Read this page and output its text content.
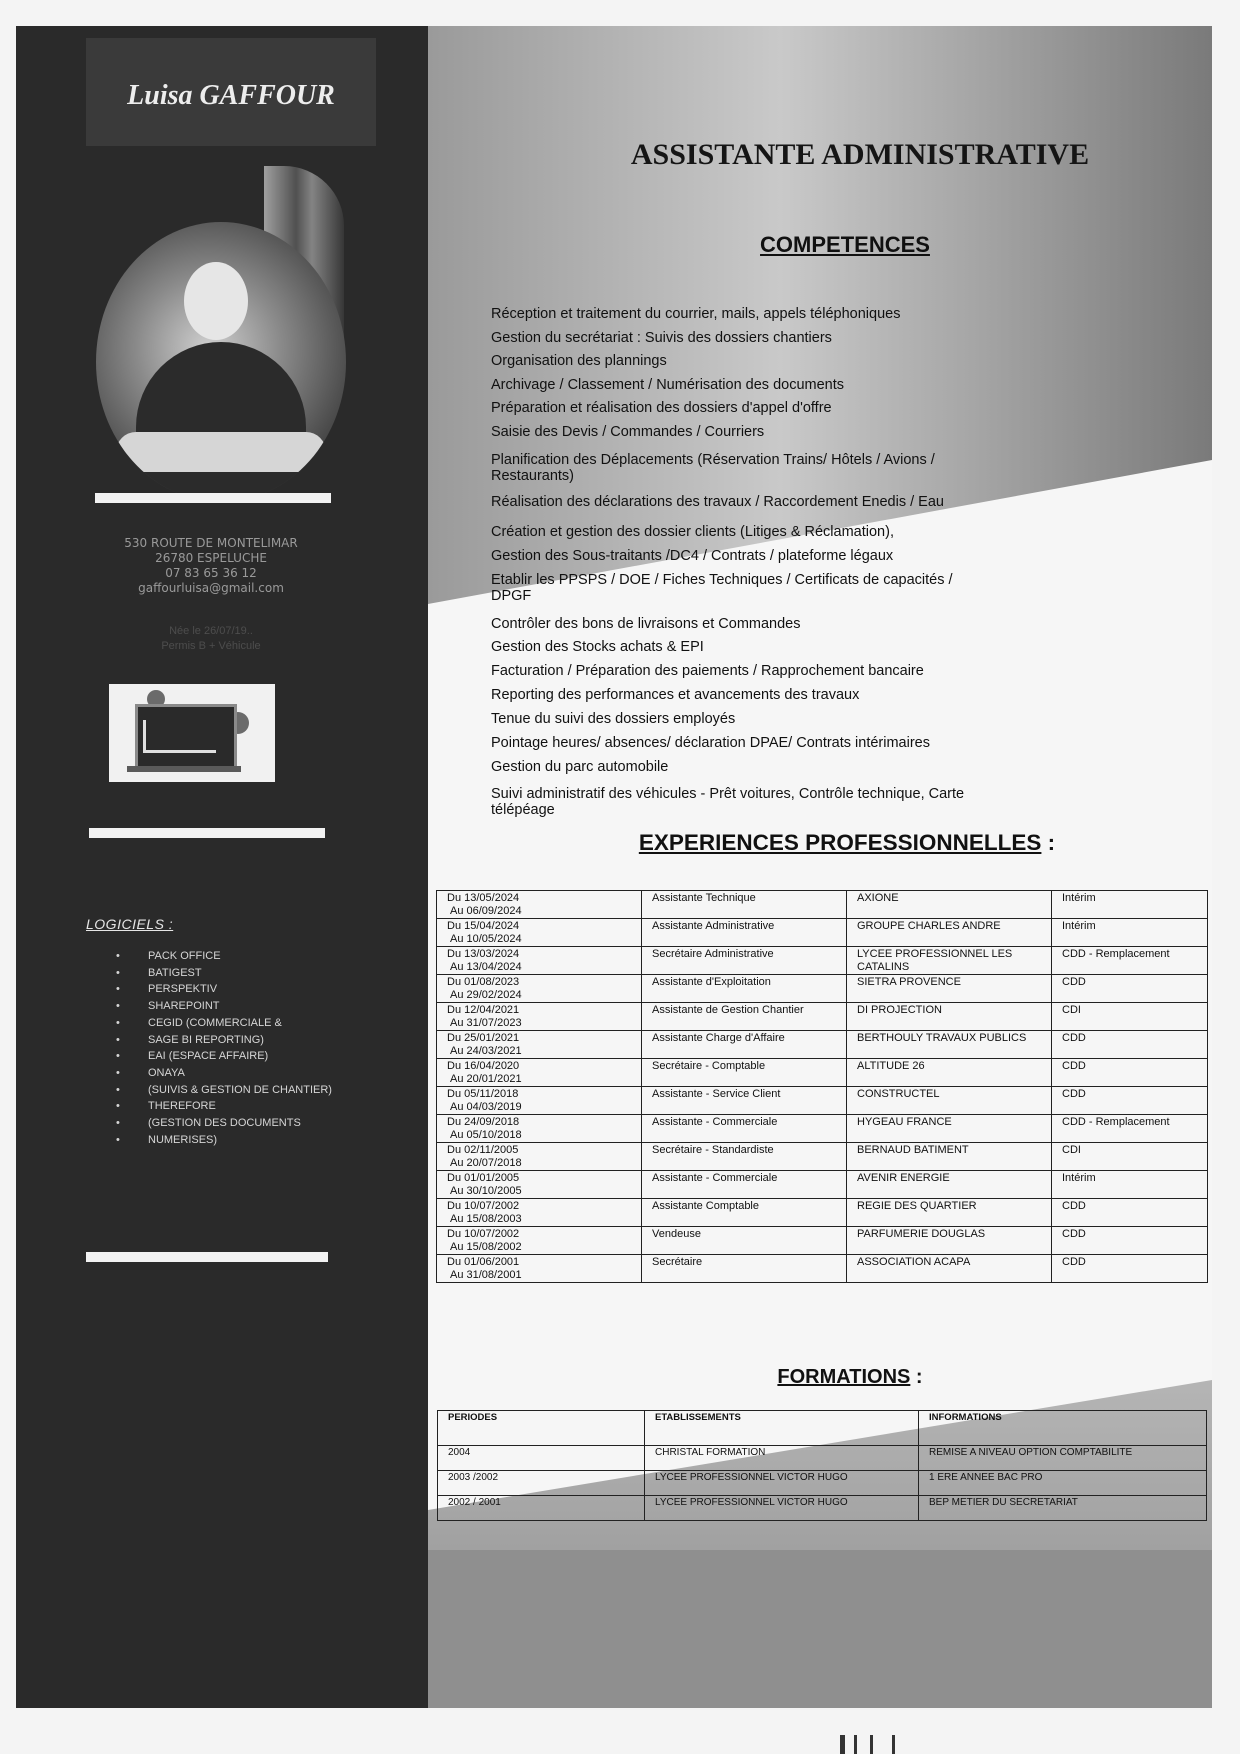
Luisa GAFFOUR
530 ROUTE DE MONTELIMAR
26780 ESPELUCHE
07 83 65 36 12
gaffourluisa@gmail.com
Née le 26/07/19..
Permis B + Véhicule
LOGICIELS :
• PACK OFFICE
• BATIGEST
• PERSPEKTIV
• SHAREPOINT
• CEGID (COMMERCIALE &
• SAGE BI REPORTING)
• EAI (ESPACE AFFAIRE)
• ONAYA
• (SUIVIS & GESTION DE CHANTIER)
• THEREFORE
• (GESTION DES DOCUMENTS
• NUMERISES)
ASSISTANTE ADMINISTRATIVE
COMPETENCES
Réception et traitement du courrier, mails, appels téléphoniques
Gestion du secrétariat : Suivis des dossiers chantiers
Organisation des plannings
Archivage / Classement / Numérisation des documents
Préparation et réalisation des dossiers d'appel d'offre
Saisie des Devis / Commandes / Courriers
Planification des Déplacements (Réservation Trains/ Hôtels / Avions / Restaurants)
Réalisation des déclarations des travaux / Raccordement Enedis / Eau
Création et gestion des dossier clients (Litiges & Réclamation),
Gestion des Sous-traitants /DC4 / Contrats / plateforme légaux
Etablir les PPSPS / DOE / Fiches Techniques / Certificats de capacités / DPGF
Contrôler des bons de livraisons et Commandes
Gestion des Stocks achats & EPI
Facturation / Préparation des paiements / Rapprochement bancaire
Reporting des performances et avancements des travaux
Tenue du suivi des dossiers employés
Pointage heures/ absences/ déclaration DPAE/ Contrats intérimaires
Gestion du parc automobile
Suivi administratif des véhicules - Prêt voitures, Contrôle technique, Carte télépéage
EXPERIENCES PROFESSIONNELLES :
Du 13/05/2024
Au 06/09/2024	Assistante Technique	AXIONE	Intérim

Du 15/04/2024
Au 10/05/2024	Assistante Administrative	GROUPE CHARLES ANDRE	Intérim

Du 13/03/2024
Au 13/04/2024	Secrétaire Administrative	LYCEE PROFESSIONNEL LES CATALINS	CDD - Remplacement

Du 01/08/2023
Au 29/02/2024	Assistante d'Exploitation	SIETRA PROVENCE	CDD

Du 12/04/2021
Au 31/07/2023	Assistante de Gestion Chantier	DI PROJECTION	CDI

Du 25/01/2021
Au 24/03/2021	Assistante Charge d'Affaire	BERTHOULY TRAVAUX PUBLICS	CDD

Du 16/04/2020
Au 20/01/2021	Secrétaire - Comptable	ALTITUDE 26	CDD

Du 05/11/2018
Au 04/03/2019	Assistante - Service Client	CONSTRUCTEL	CDD

Du 24/09/2018
Au 05/10/2018	Assistante - Commerciale	HYGEAU FRANCE	CDD - Remplacement

Du 02/11/2005
Au 20/07/2018	Secrétaire - Standardiste	BERNAUD BATIMENT	CDI

Du 01/01/2005
Au 30/10/2005	Assistante - Commerciale	AVENIR ENERGIE	Intérim

Du 10/07/2002
Au 15/08/2003	Assistante Comptable	REGIE DES QUARTIER	CDD

Du 10/07/2002
Au 15/08/2002	Vendeuse	PARFUMERIE DOUGLAS	CDD

Du 01/06/2001
Au 31/08/2001	Secrétaire	ASSOCIATION ACAPA	CDD
FORMATIONS :
PERIODES	ETABLISSEMENTS	INFORMATIONS
2004	CHRISTAL FORMATION	REMISE A NIVEAU OPTION COMPTABILITE
2003 /2002	LYCEE PROFESSIONNEL VICTOR HUGO	1 ERE ANNEE BAC PRO
2002 / 2001	LYCEE PROFESSIONNEL VICTOR HUGO	BEP METIER DU SECRETARIAT
